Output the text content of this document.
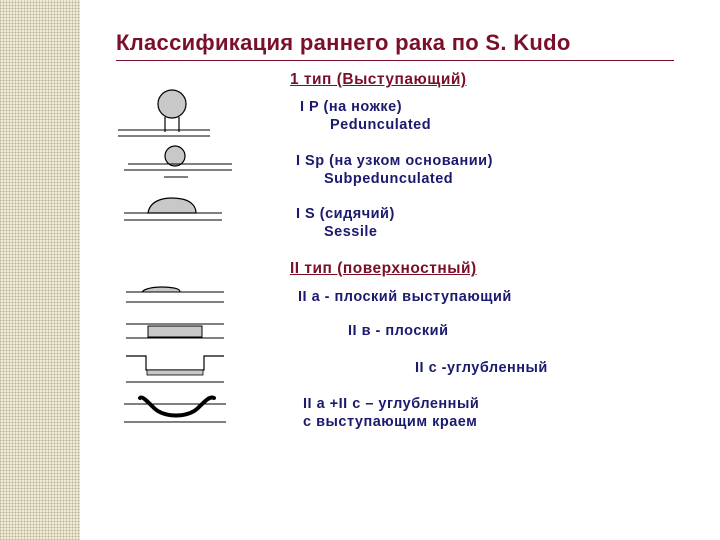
Классификация раннего рака по S. Kudo
1 тип (Выступающий)
I P (на ножке)
Pedunculated
I Sp (на узком основании)
Subpedunculated
I S (сидячий)
Sessile
II тип (поверхностный)
II a - плоский выступающий
II в - плоский
II c -углубленный
II a +II c – углубленный
с выступающим краем
